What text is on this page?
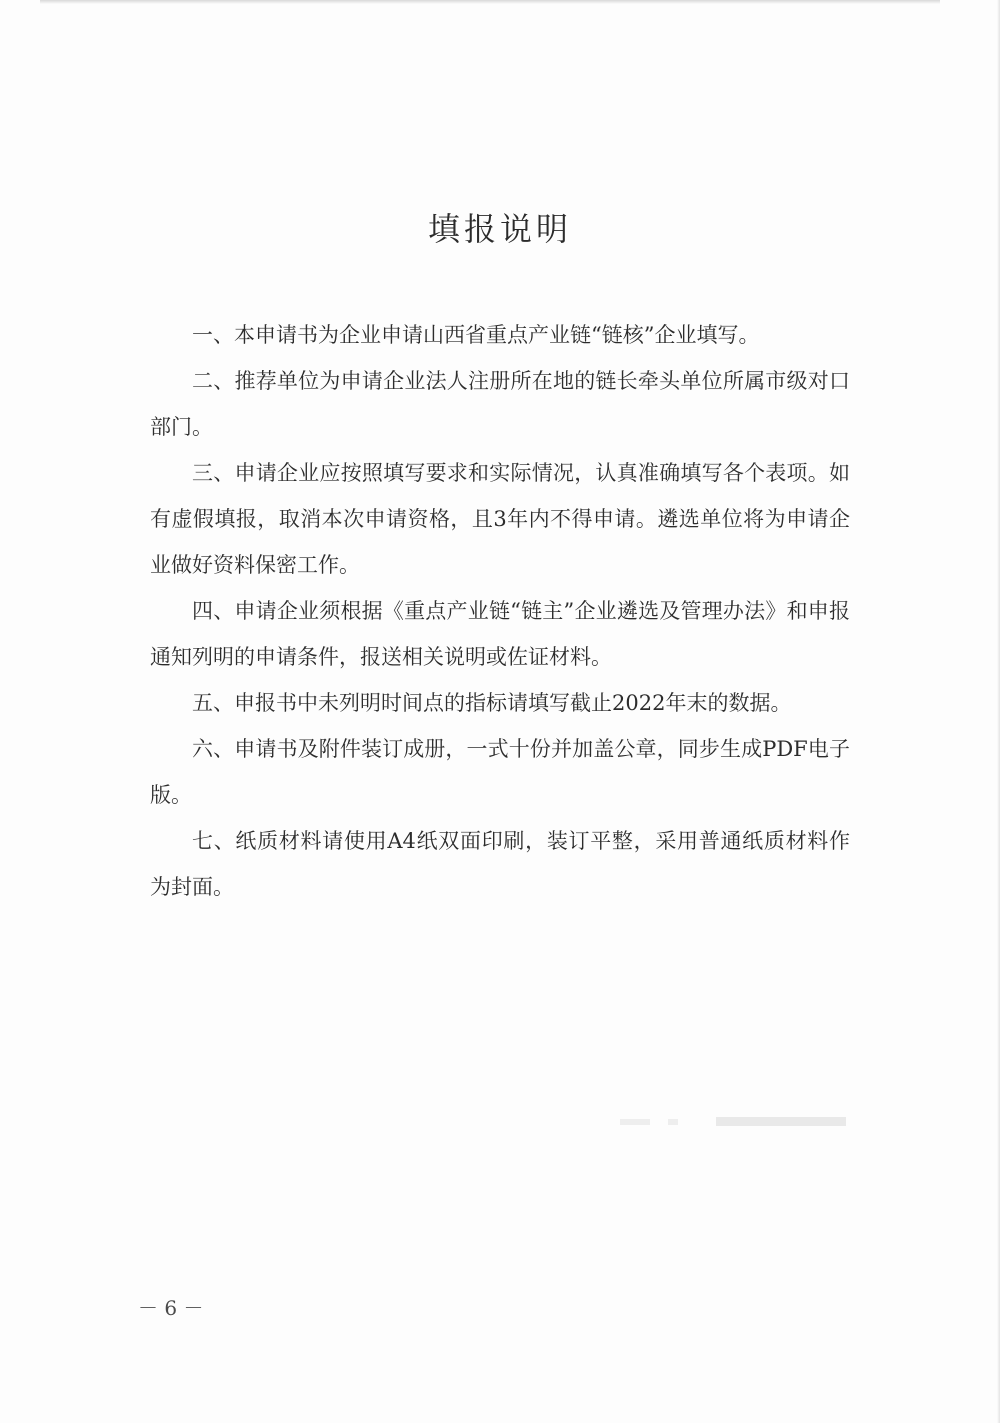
填报说明

一、本申请书为企业申请山西省重点产业链“链核”企业填写。

二、推荐单位为申请企业法人注册所在地的链长牵头单位所属市级对口部门。

三、申请企业应按照填写要求和实际情况，认真准确填写各个表项。如有虚假填报，取消本次申请资格，且3年内不得申请。遴选单位将为申请企业做好资料保密工作。

四、申请企业须根据《重点产业链“链主”企业遴选及管理办法》和申报通知列明的申请条件，报送相关说明或佐证材料。

五、申报书中未列明时间点的指标请填写截止2022年末的数据。

六、申请书及附件装订成册，一式十份并加盖公章，同步生成PDF电子版。

七、纸质材料请使用A4纸双面印刷，装订平整，采用普通纸质材料作为封面。

－ 6 －
